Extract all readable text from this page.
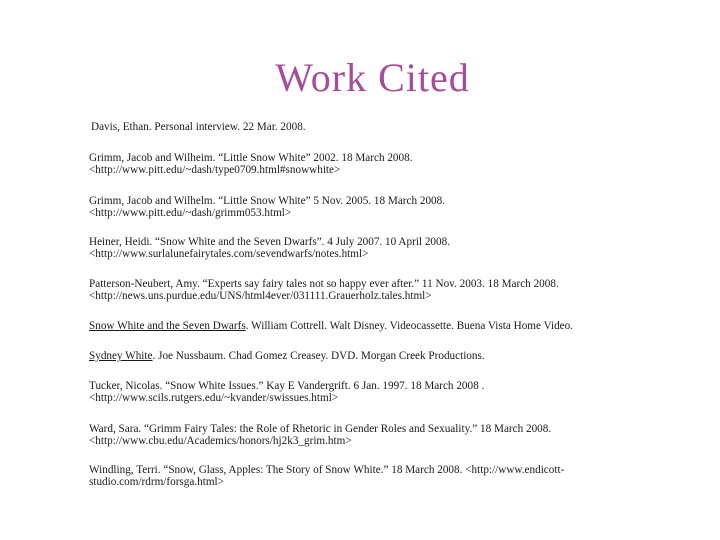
Work Cited
Davis, Ethan. Personal interview. 22 Mar. 2008.
Grimm, Jacob and Wilheim. “Little Snow White” 2002. 18 March 2008.
<http://www.pitt.edu/~dash/type0709.html#snowwhite>
Grimm, Jacob and Wilhelm. “Little Snow White” 5 Nov. 2005. 18 March 2008.
<http://www.pitt.edu/~dash/grimm053.html>
Heiner, Heidi. “Snow White and the Seven Dwarfs”. 4 July 2007. 10 April 2008.
<http://www.surlalunefairytales.com/sevendwarfs/notes.html>
Patterson-Neubert, Amy. “Experts say fairy tales not so happy ever after.” 11 Nov. 2003. 18 March 2008.
<http://news.uns.purdue.edu/UNS/html4ever/031111.Grauerholz.tales.html>
Snow White and the Seven Dwarfs. William Cottrell. Walt Disney. Videocassette. Buena Vista Home Video.
Sydney White. Joe Nussbaum. Chad Gomez Creasey. DVD. Morgan Creek Productions.
Tucker, Nicolas. “Snow White Issues.” Kay E Vandergrift. 6 Jan. 1997. 18 March 2008 .
<http://www.scils.rutgers.edu/~kvander/swissues.html>
Ward, Sara. “Grimm Fairy Tales: the Role of Rhetoric in Gender Roles and Sexuality.” 18 March 2008.
<http://www.cbu.edu/Academics/honors/hj2k3_grim.htm>
Windling, Terri. “Snow, Glass, Apples: The Story of Snow White.” 18 March 2008. <http://www.endicott-
studio.com/rdrm/forsga.html>
